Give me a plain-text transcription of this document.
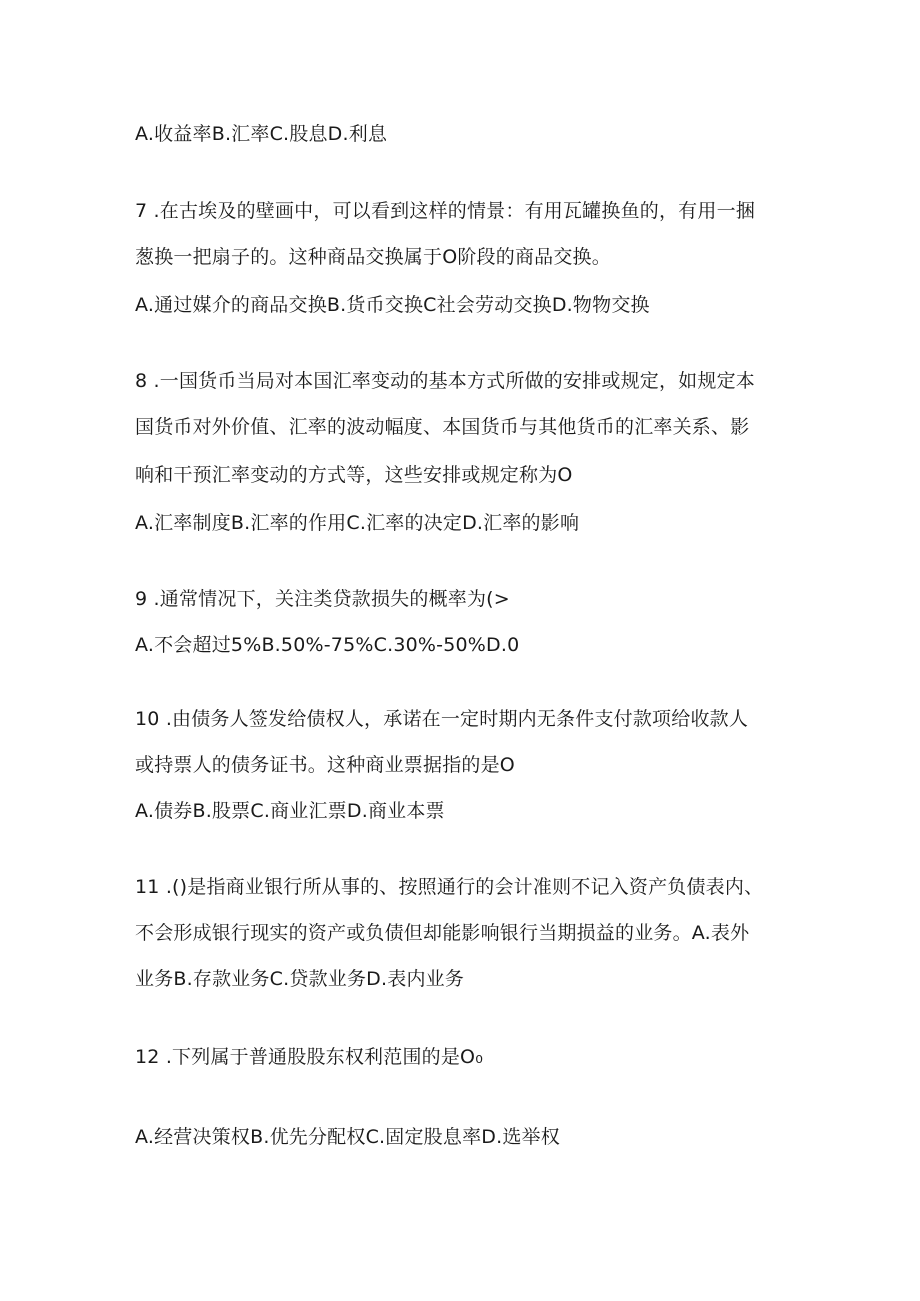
A.收益率B.汇率C.股息D.利息

7 .在古埃及的壁画中，可以看到这样的情景：有用瓦罐换鱼的，有用一捆

葱换一把扇子的。这种商品交换属于O阶段的商品交换。

A.通过媒介的商品交换B.货币交换C社会劳动交换D.物物交换

8 .一国货币当局对本国汇率变动的基本方式所做的安排或规定，如规定本

国货币对外价值、汇率的波动幅度、本国货币与其他货币的汇率关系、影

响和干预汇率变动的方式等，这些安排或规定称为O

A.汇率制度B.汇率的作用C.汇率的决定D.汇率的影响

9 .通常情况下，关注类贷款损失的概率为(>

A.不会超过5%B.50%-75%C.30%-50%D.0

10 .由债务人签发给债权人，承诺在一定时期内无条件支付款项给收款人

或持票人的债务证书。这种商业票据指的是O

A.债券B.股票C.商业汇票D.商业本票

11 .()是指商业银行所从事的、按照通行的会计准则不记入资产负债表内、

不会形成银行现实的资产或负债但却能影响银行当期损益的业务。A.表外

业务B.存款业务C.贷款业务D.表内业务

12 .下列属于普通股股东权利范围的是O₀

A.经营决策权B.优先分配权C.固定股息率D.选举权
